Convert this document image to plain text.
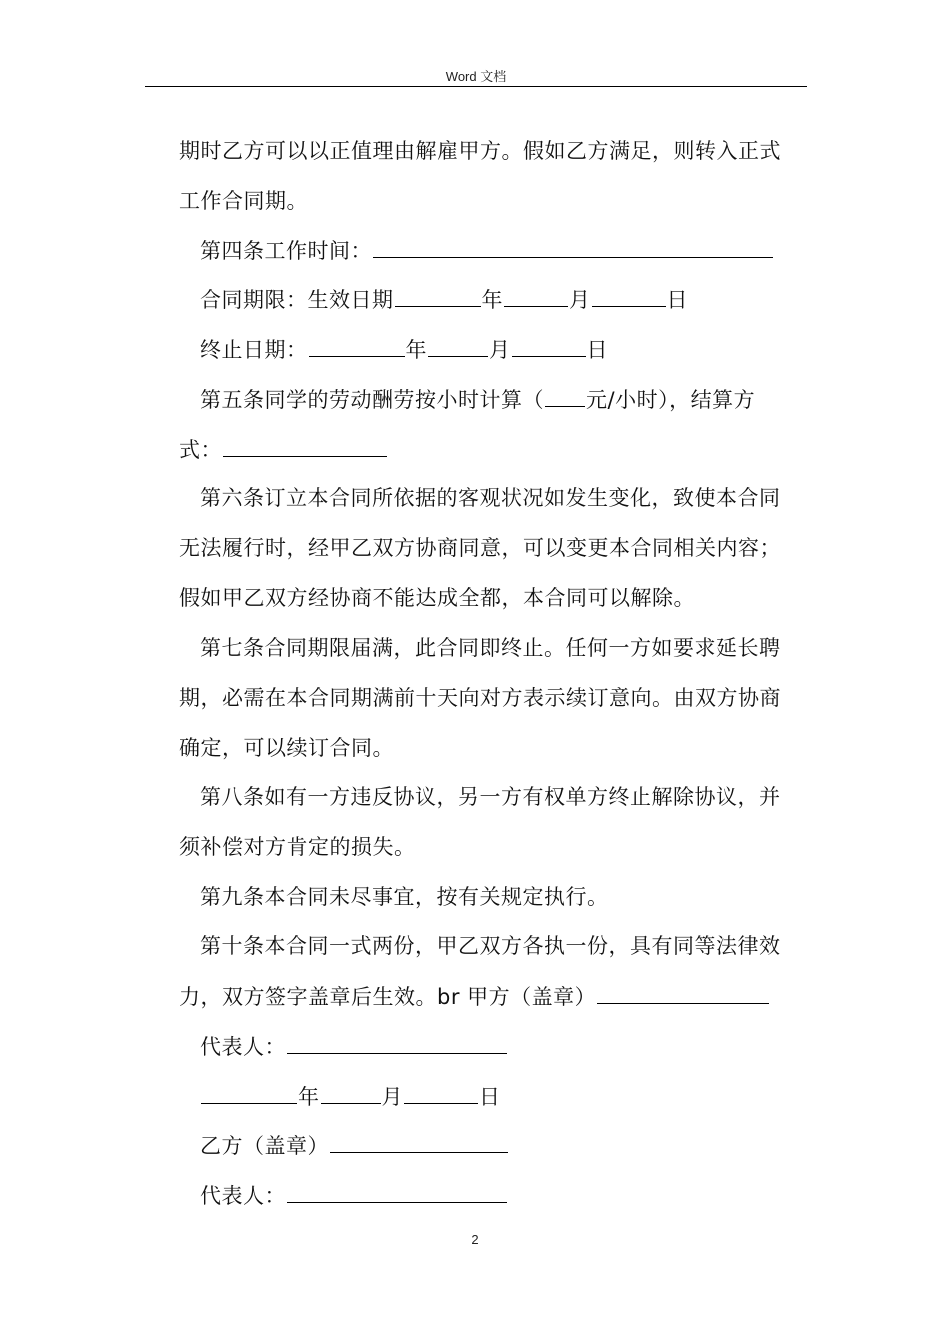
Word 文档
期时乙方可以以正值理由解雇甲方。假如乙方满足，则转入正式
工作合同期。
第四条工作时间：
合同期限：生效日期	年	月	日
终止日期：	年	月	日
第五条同学的劳动酬劳按小时计算（ 元/小时），结算方
式：
第六条订立本合同所依据的客观状况如发生变化，致使本合同
无法履行时，经甲乙双方协商同意，可以变更本合同相关内容；
假如甲乙双方经协商不能达成全都，本合同可以解除。
第七条合同期限届满，此合同即终止。任何一方如要求延长聘
期，必需在本合同期满前十天向对方表示续订意向。由双方协商
确定，可以续订合同。
第八条如有一方违反协议，另一方有权单方终止解除协议，并
须补偿对方肯定的损失。
第九条本合同未尽事宜，按有关规定执行。
第十条本合同一式两份，甲乙双方各执一份，具有同等法律效
力，双方签字盖章后生效。br 甲方（盖章）
代表人：
年	月	日
乙方（盖章）
代表人：
2
